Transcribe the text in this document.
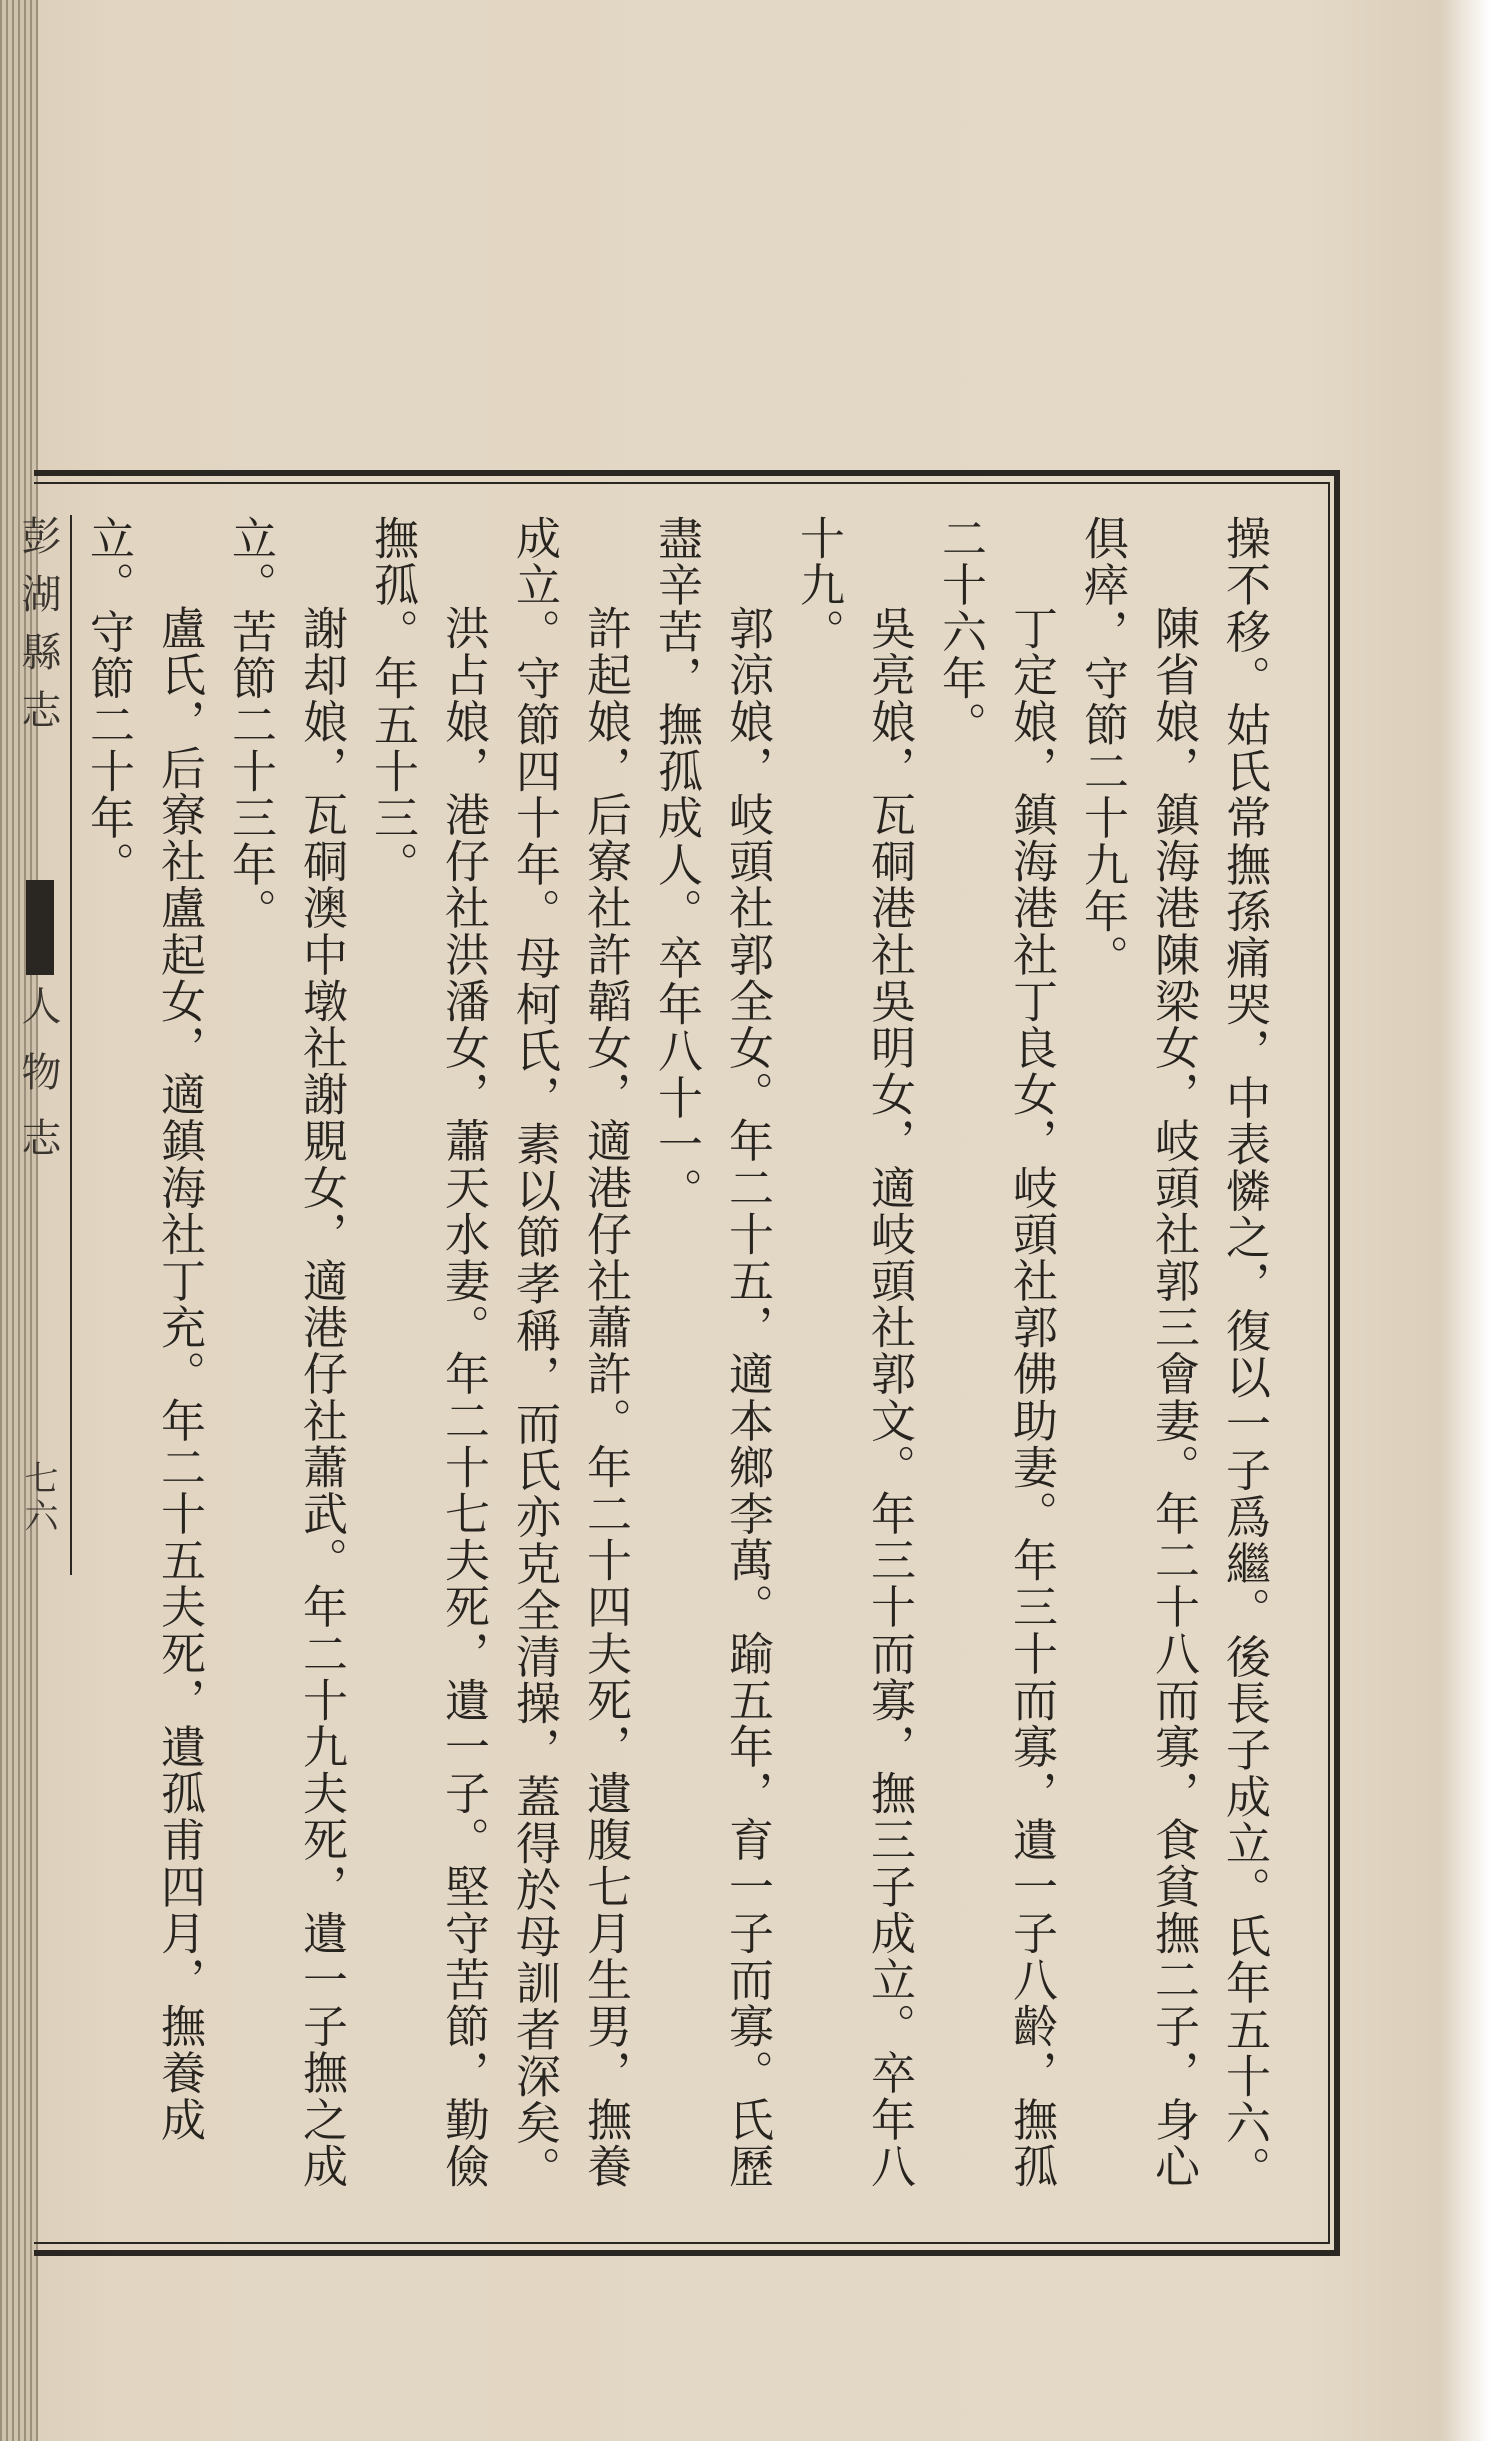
彭湖縣志
人物志
七六	操不移。姑氏常撫孫痛哭，中表憐之，復以一子爲繼。後長子成立。氏年五十六。

陳省娘，鎮海港陳梁女，岐頭社郭三會妻。年二十八而寡，食貧撫二子，身心俱瘁，守節二十九年。

丁定娘，鎮海港社丁良女，岐頭社郭佛助妻。年三十而寡，遺一子八齡，撫孤二十六年。

吳亮娘，瓦硐港社吳明女，適岐頭社郭文。年三十而寡，撫三子成立。卒年八十九。

郭涼娘，岐頭社郭全女。年二十五，適本鄉李萬。踰五年，育一子而寡。氏歷盡辛苦，撫孤成人。卒年八十一。

許起娘，后寮社許韜女，適港仔社蕭許。年二十四夫死，遺腹七月生男，撫養成立。守節四十年。母柯氏，素以節孝稱，而氏亦克全清操，蓋得於母訓者深矣。

洪占娘，港仔社洪潘女，蕭天水妻。年二十七夫死，遺一子。堅守苦節，勤儉撫孤。年五十三。

謝却娘，瓦硐澳中墩社謝覞女，適港仔社蕭武。年二十九夫死，遺一子撫之成立。苦節二十三年。

盧氏，后寮社盧起女，適鎮海社丁充。年二十五夫死，遺孤甫四月，撫養成立。守節二十年。
